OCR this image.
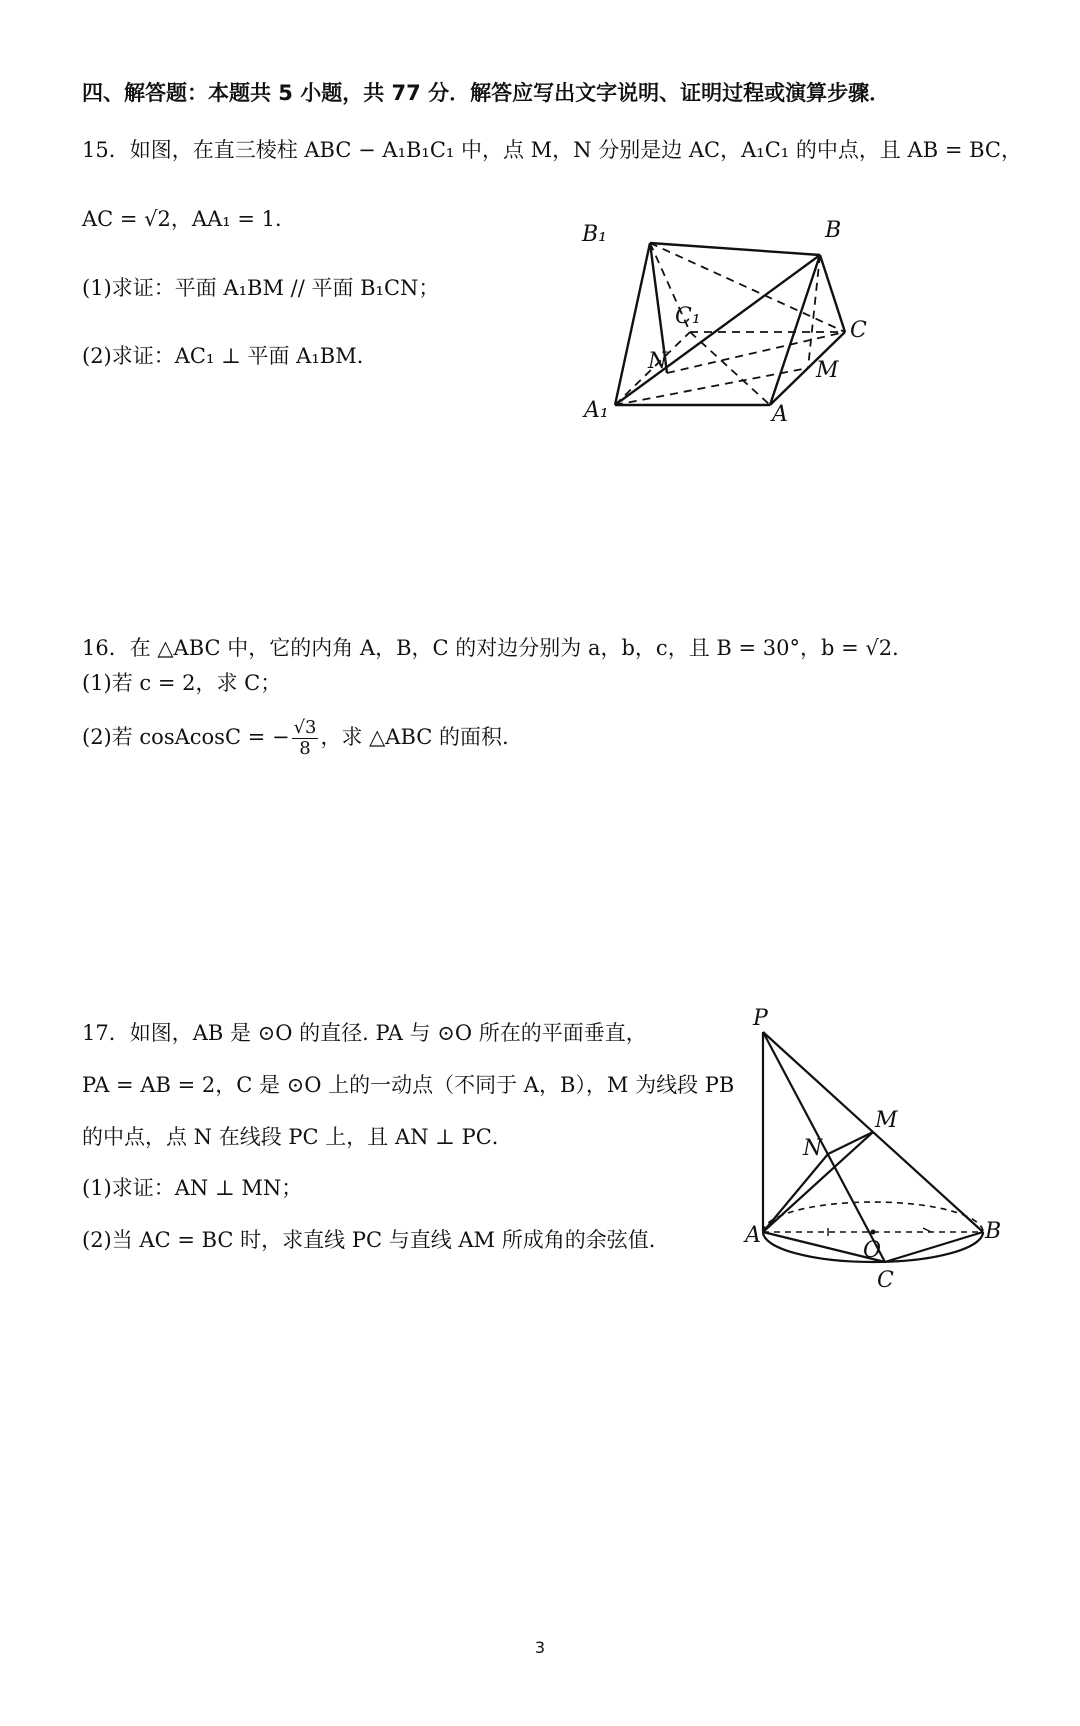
四、解答题：本题共 5 小题，共 77 分．解答应写出文字说明、证明过程或演算步骤．
15．如图，在直三棱柱 ABC − A₁B₁C₁ 中，点 M，N 分别是边 AC，A₁C₁ 的中点，且 AB = BC，
AC = √2，AA₁ = 1．
(1)求证：平面 A₁BM // 平面 B₁CN；
(2)求证：AC₁ ⊥ 平面 A₁BM．
B₁	B
C₁
C
N	M
A₁	A
16．在 △ABC 中，它的内角 A，B，C 的对边分别为 a，b，c，且 B = 30°，b = √2．
(1)若 c = 2，求 C；
(2)若 cosAcosC = − $\frac{√3}{8}$ ，求 △ABC 的面积.
17．如图，AB 是 ⊙O 的直径. PA 与 ⊙O 所在的平面垂直，
PA = AB = 2，C 是 ⊙O 上的一动点（不同于 A，B），M 为线段 PB
的中点，点 N 在线段 PC 上，且 AN ⊥ PC．
(1)求证：AN ⊥ MN；
(2)当 AC = BC 时，求直线 PC 与直线 AM 所成角的余弦值.
P
M
N
A
O
B
C
3
